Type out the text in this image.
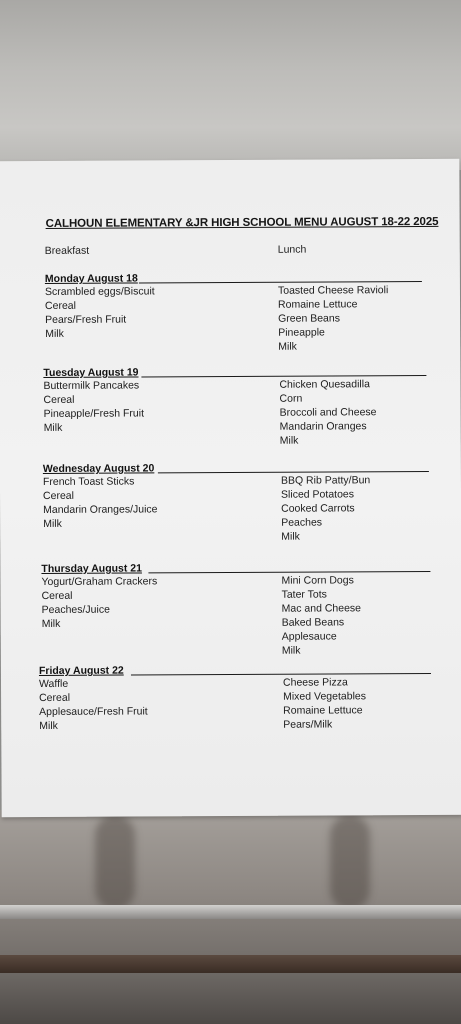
CALHOUN ELEMENTARY &JR HIGH SCHOOL MENU AUGUST 18-22 2025
Breakfast	Lunch
Monday August 18
Scrambled eggs/Biscuit
Cereal
Pears/Fresh Fruit
Milk
Toasted Cheese Ravioli
Romaine Lettuce
Green Beans
Pineapple
Milk
Tuesday August 19
Buttermilk Pancakes
Cereal
Pineapple/Fresh Fruit
Milk
Chicken Quesadilla
Corn
Broccoli and Cheese
Mandarin Oranges
Milk
Wednesday August 20
French Toast Sticks
Cereal
Mandarin Oranges/Juice
Milk
BBQ Rib Patty/Bun
Sliced Potatoes
Cooked Carrots
Peaches
Milk
Thursday August 21
Yogurt/Graham Crackers
Cereal
Peaches/Juice
Milk
Mini Corn Dogs
Tater Tots
Mac and Cheese
Baked Beans
Applesauce
Milk
Friday August 22
Waffle
Cereal
Applesauce/Fresh Fruit
Milk
Cheese Pizza
Mixed Vegetables
Romaine Lettuce
Pears/Milk
